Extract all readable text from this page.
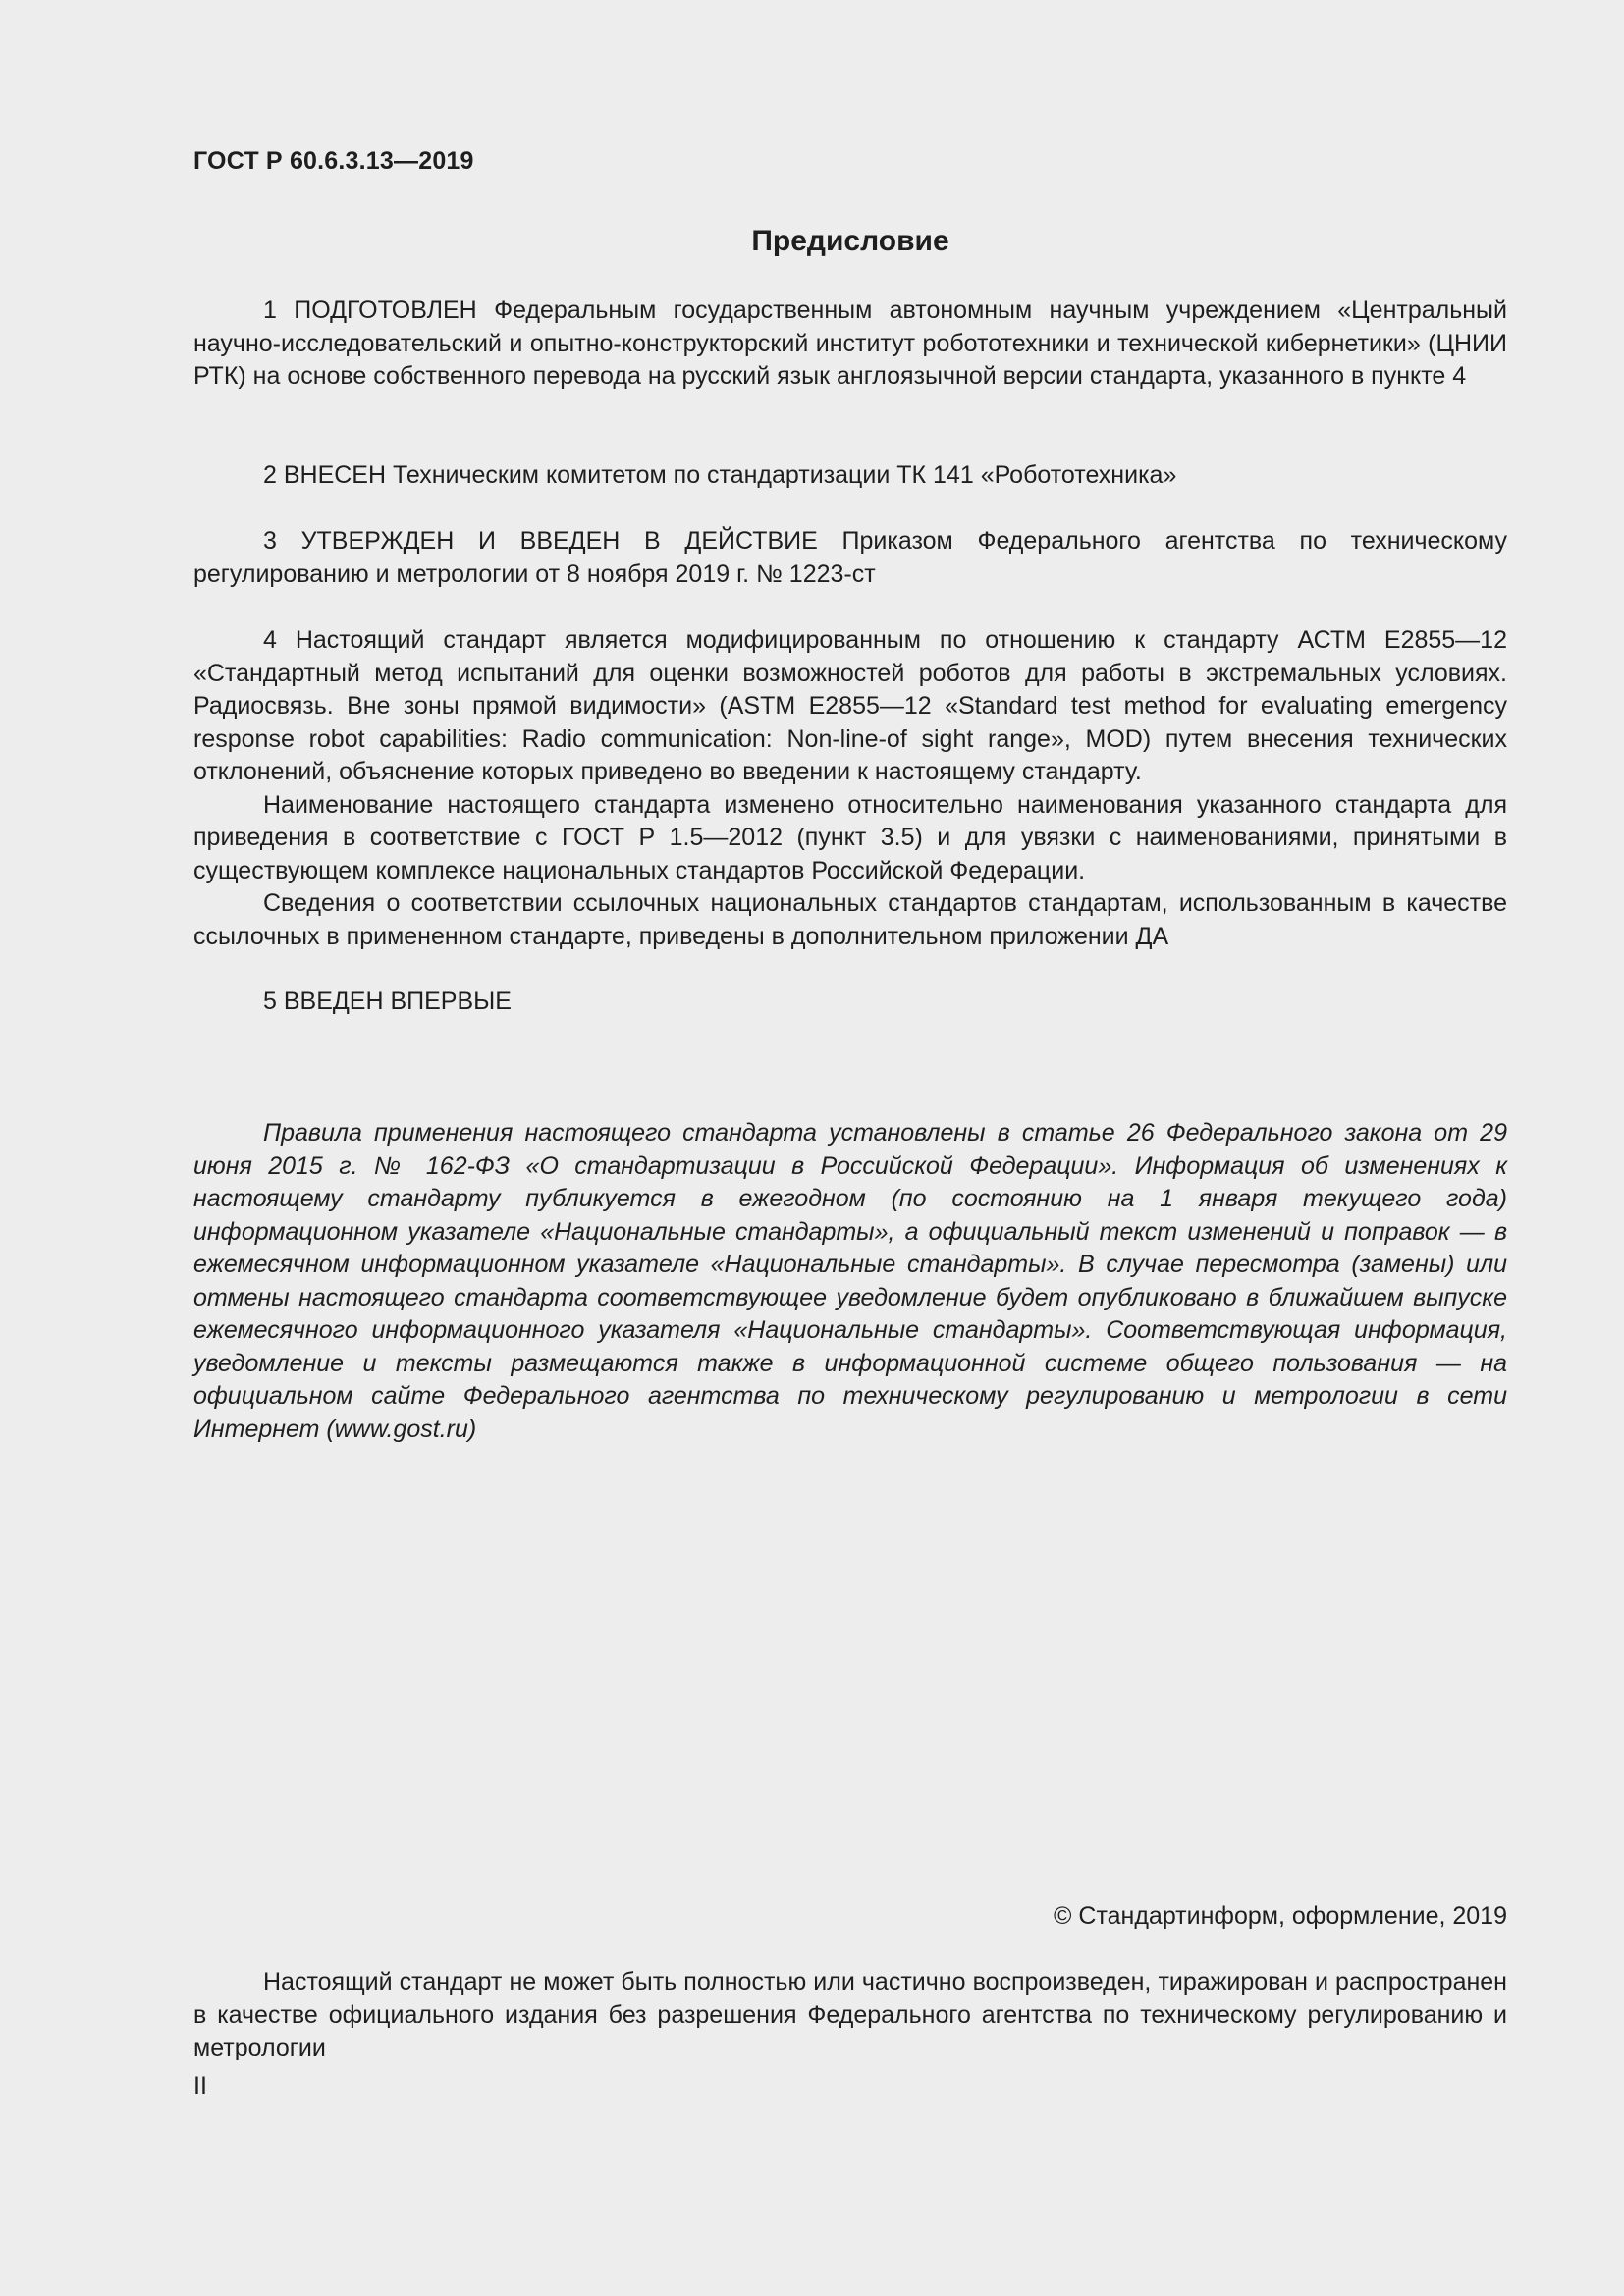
ГОСТ Р 60.6.3.13—2019
Предисловие

1 ПОДГОТОВЛЕН Федеральным государственным автономным научным учреждением «Центральный научно-исследовательский и опытно-конструкторский институт робототехники и технической кибернетики» (ЦНИИ РТК) на основе собственного перевода на русский язык англоязычной версии стандарта, указанного в пункте 4

2 ВНЕСЕН Техническим комитетом по стандартизации ТК 141 «Робототехника»

3 УТВЕРЖДЕН И ВВЕДЕН В ДЕЙСТВИЕ Приказом Федерального агентства по техническому регулированию и метрологии от 8 ноября 2019 г. № 1223-ст

4 Настоящий стандарт является модифицированным по отношению к стандарту АСТМ Е2855—12 «Стандартный метод испытаний для оценки возможностей роботов для работы в экстремальных условиях. Радиосвязь. Вне зоны прямой видимости» (ASTM E2855—12 «Standard test method for evaluating emergency response robot capabilities: Radio communication: Non-line-of sight range», MOD) путем внесения технических отклонений, объяснение которых приведено во введении к настоящему стандарту.

Наименование настоящего стандарта изменено относительно наименования указанного стандарта для приведения в соответствие с ГОСТ Р 1.5—2012 (пункт 3.5) и для увязки с наименованиями, принятыми в существующем комплексе национальных стандартов Российской Федерации.

Сведения о соответствии ссылочных национальных стандартов стандартам, использованным в качестве ссылочных в примененном стандарте, приведены в дополнительном приложении ДА

5 ВВЕДЕН ВПЕРВЫЕ

Правила применения настоящего стандарта установлены в статье 26 Федерального закона от 29 июня 2015 г. № 162-ФЗ «О стандартизации в Российской Федерации». Информация об изменениях к настоящему стандарту публикуется в ежегодном (по состоянию на 1 января текущего года) информационном указателе «Национальные стандарты», а официальный текст изменений и поправок — в ежемесячном информационном указателе «Национальные стандарты». В случае пересмотра (замены) или отмены настоящего стандарта соответствующее уведомление будет опубликовано в ближайшем выпуске ежемесячного информационного указателя «Национальные стандарты». Соответствующая информация, уведомление и тексты размещаются также в информационной системе общего пользования — на официальном сайте Федерального агентства по техническому регулированию и метрологии в сети Интернет (www.gost.ru)

© Стандартинформ, оформление, 2019

Настоящий стандарт не может быть полностью или частично воспроизведен, тиражирован и распространен в качестве официального издания без разрешения Федерального агентства по техническому регулированию и метрологии

II
